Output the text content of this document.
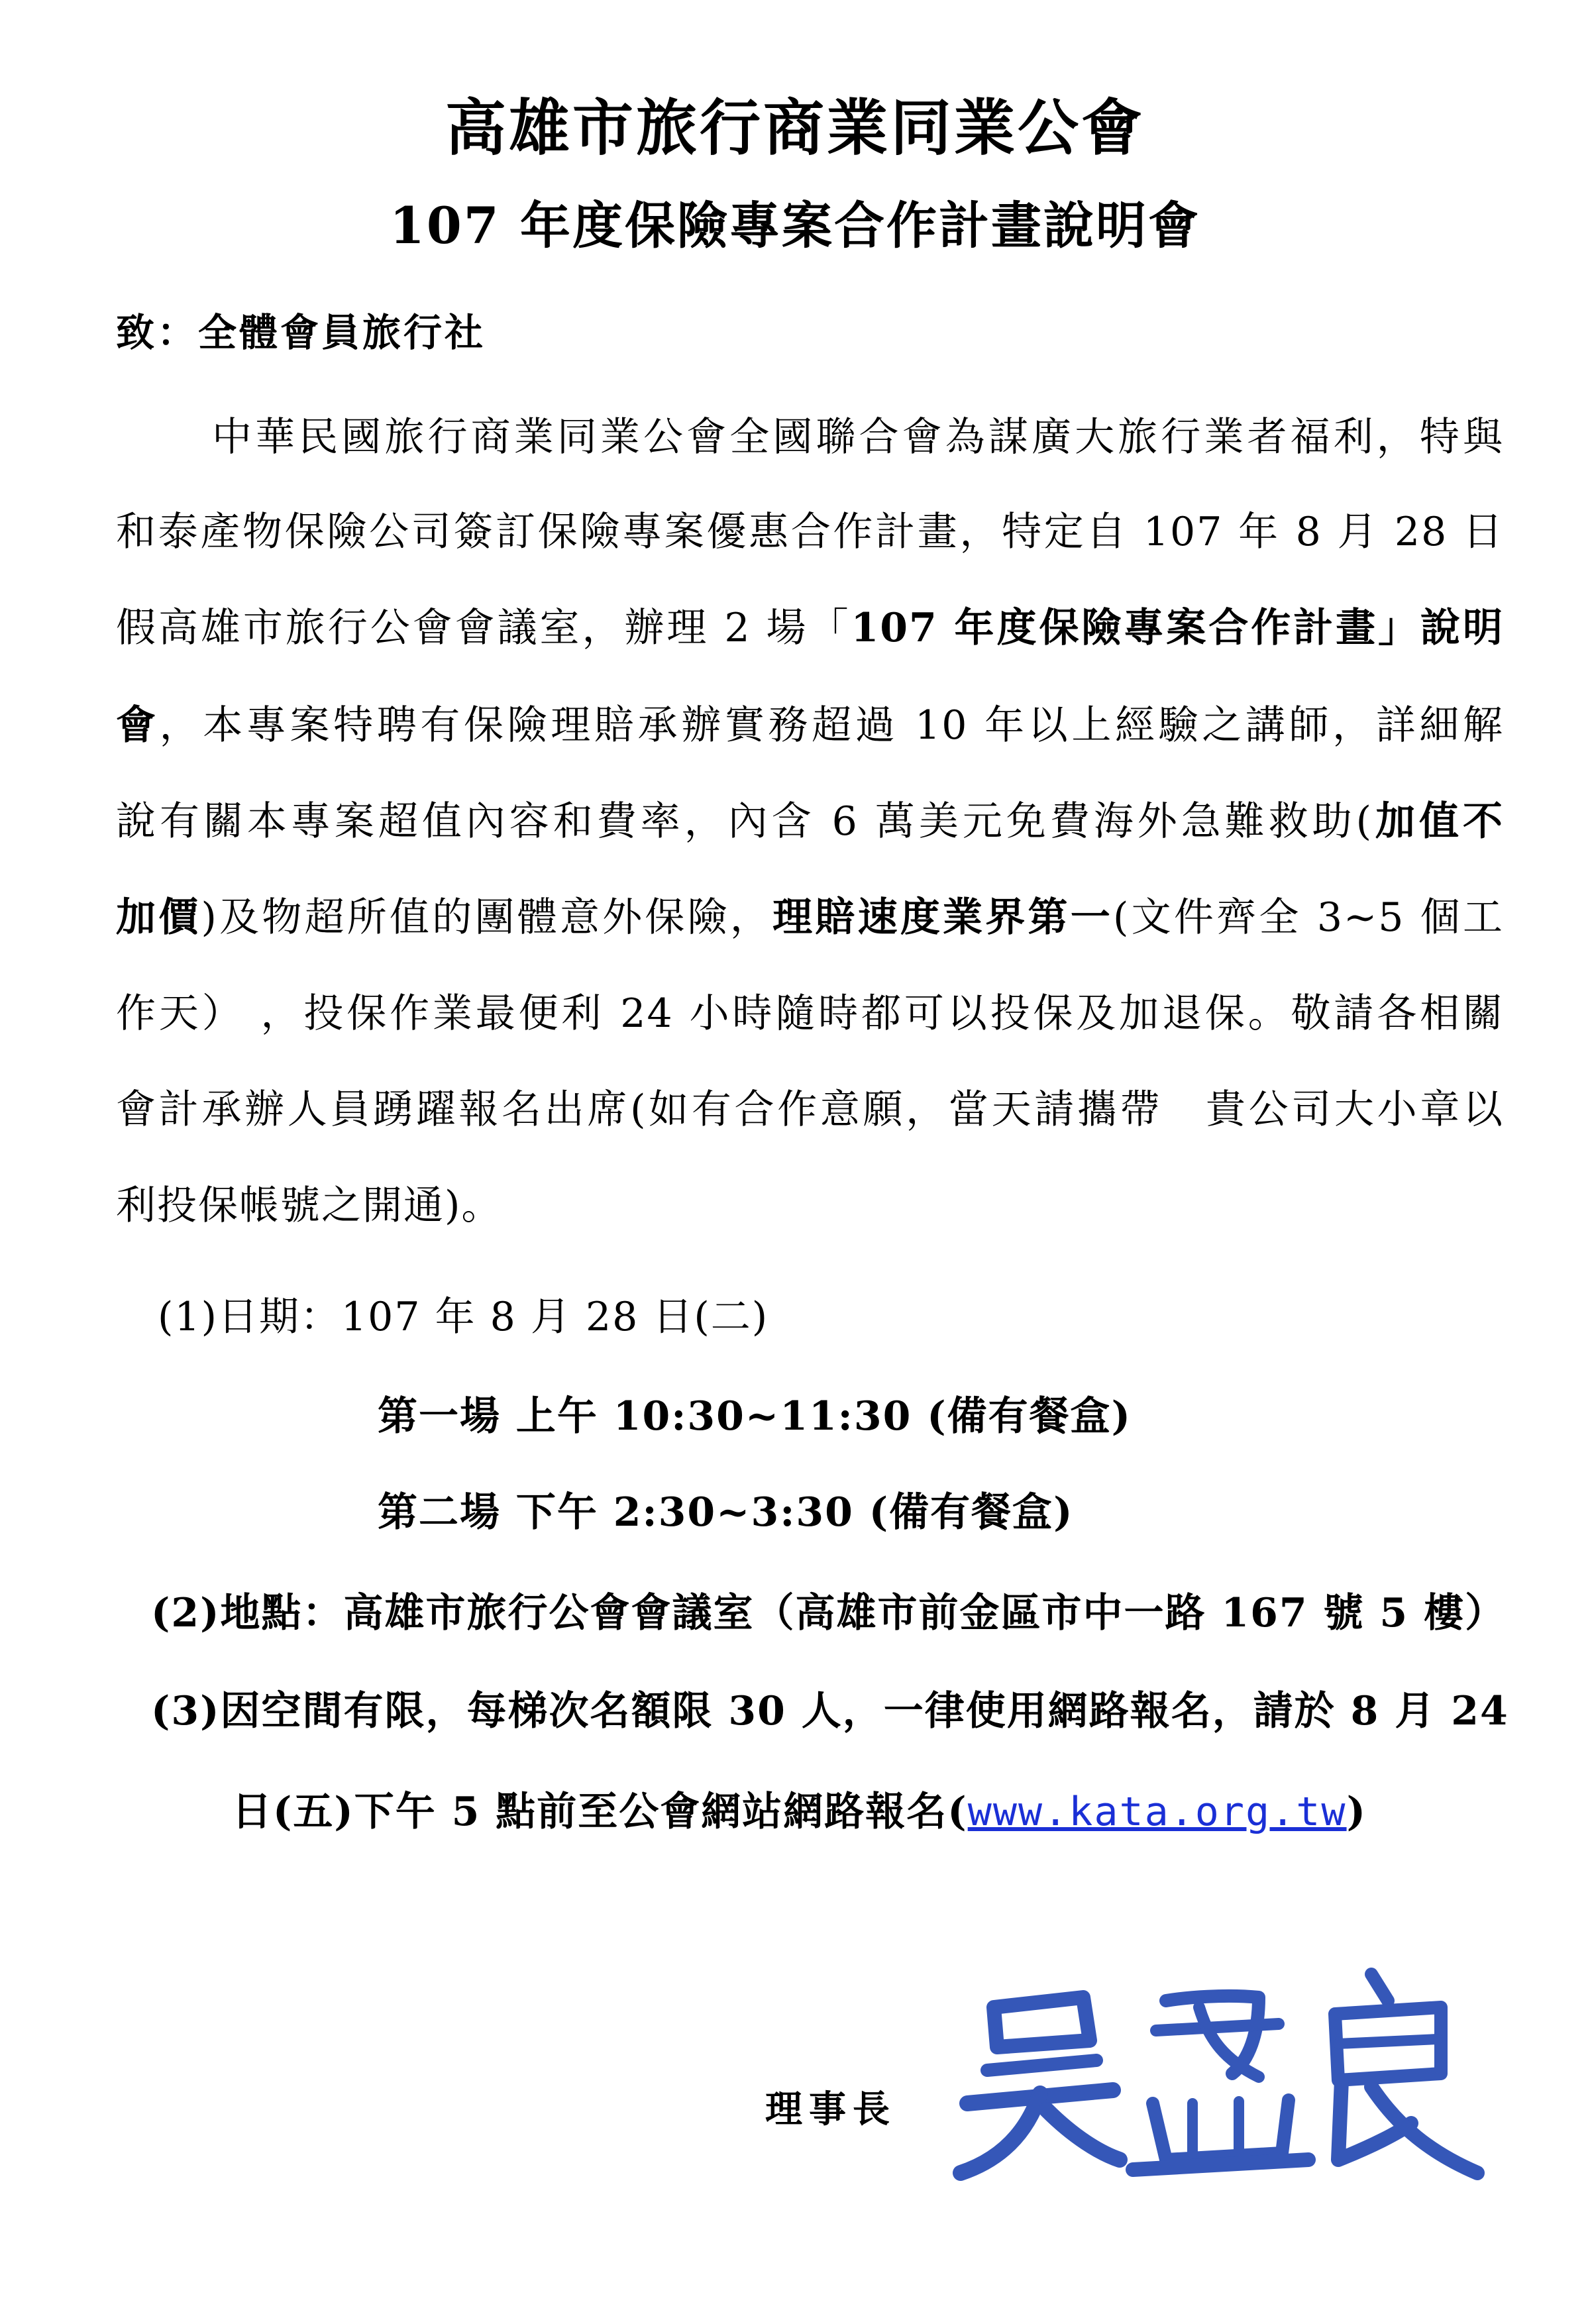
高雄市旅行商業同業公會
107 年度保險專案合作計畫說明會
致：全體會員旅行社
中華民國旅行商業同業公會全國聯合會為謀廣大旅行業者福利，特與
和泰產物保險公司簽訂保險專案優惠合作計畫，特定自 107 年 8 月 28 日
假高雄市旅行公會會議室，辦理 2 場「107 年度保險專案合作計畫」說明
會，本專案特聘有保險理賠承辦實務超過 10 年以上經驗之講師，詳細解
說有關本專案超值內容和費率，內含 6 萬美元免費海外急難救助(加值不
加價)及物超所值的團體意外保險，理賠速度業界第一(文件齊全 3~5 個工
作天） ，投保作業最便利 24 小時隨時都可以投保及加退保。敬請各相關
會計承辦人員踴躍報名出席(如有合作意願，當天請攜帶　貴公司大小章以
利投保帳號之開通)。
(1)日期：107 年 8 月 28 日(二)
第一場 上午 10:30~11:30 (備有餐盒)
第二場 下午 2:30~3:30 (備有餐盒)
(2)地點：高雄市旅行公會會議室（高雄市前金區市中一路 167 號 5 樓）
(3)因空間有限，每梯次名額限 30 人，一律使用網路報名，請於 8 月 24
日(五)下午 5 點前至公會網站網路報名(www.kata.org.tw)
理事長
吳盈良
